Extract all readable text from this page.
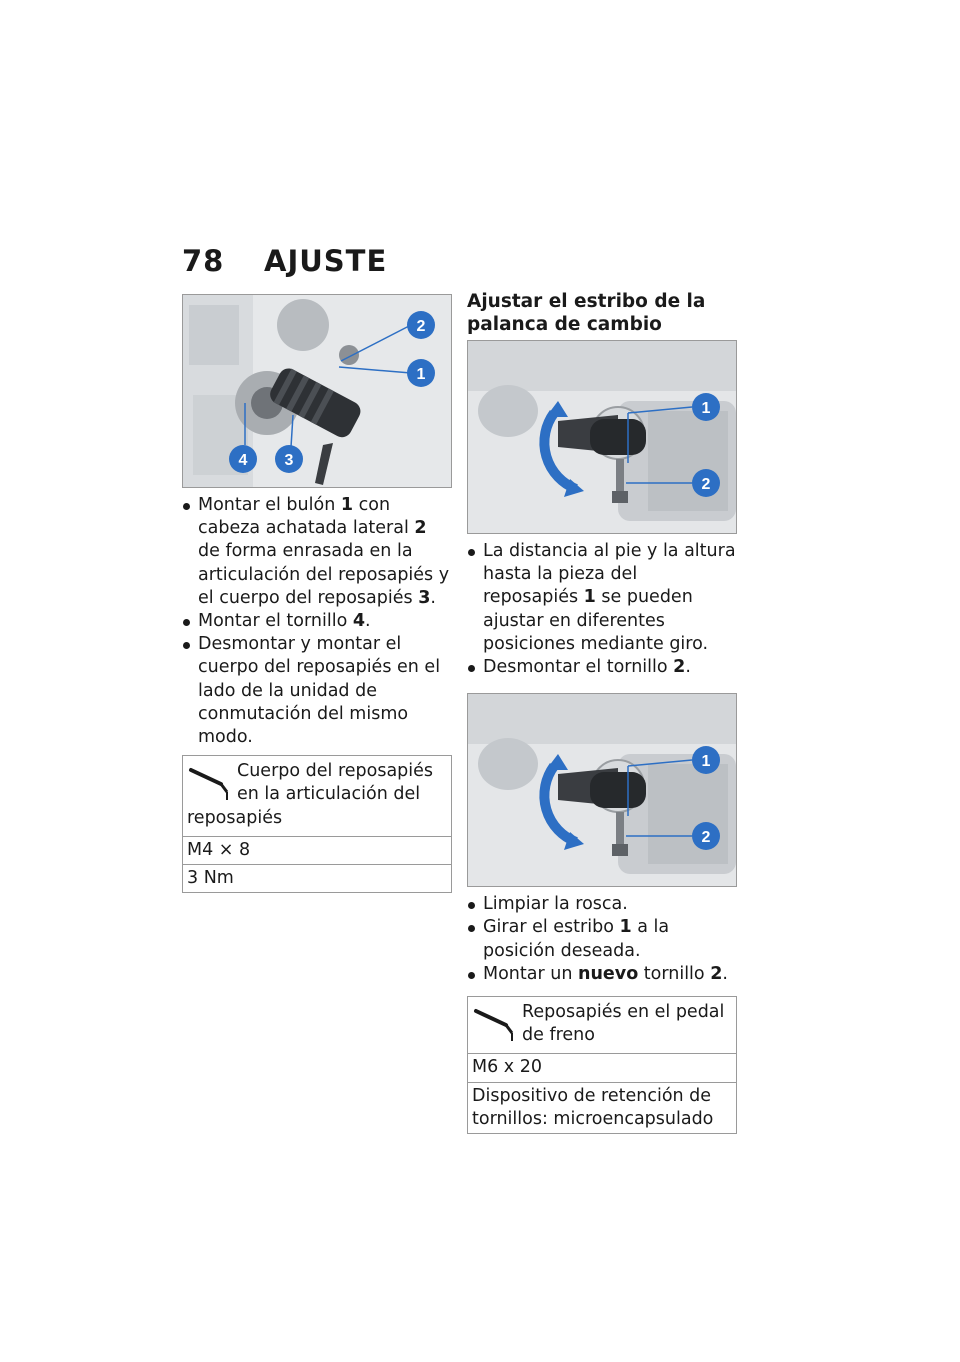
78 AJUSTE
2
1
4 3
Montar el bulón 1 con cabeza achatada lateral 2 de forma enrasada en la articulación del reposapiés y el cuerpo del reposapiés 3.
Montar el tornillo 4.
Desmontar y montar el cuerpo del reposapiés en el lado de la unidad de conmutación del mismo modo.
Cuerpo del reposapiés en la articulación del reposapiés
M4 × 8
3 Nm
Ajustar el estribo de la palanca de cambio
1
2
La distancia al pie y la altura hasta la pieza del reposapiés 1 se pueden ajustar en diferentes posiciones mediante giro.
Desmontar el tornillo 2.
1
2
Limpiar la rosca.
Girar el estribo 1 a la posición deseada.
Montar un nuevo tornillo 2.
Reposapiés en el pedal de freno
M6 x 20
Dispositivo de retención de tornillos: microencapsulado
